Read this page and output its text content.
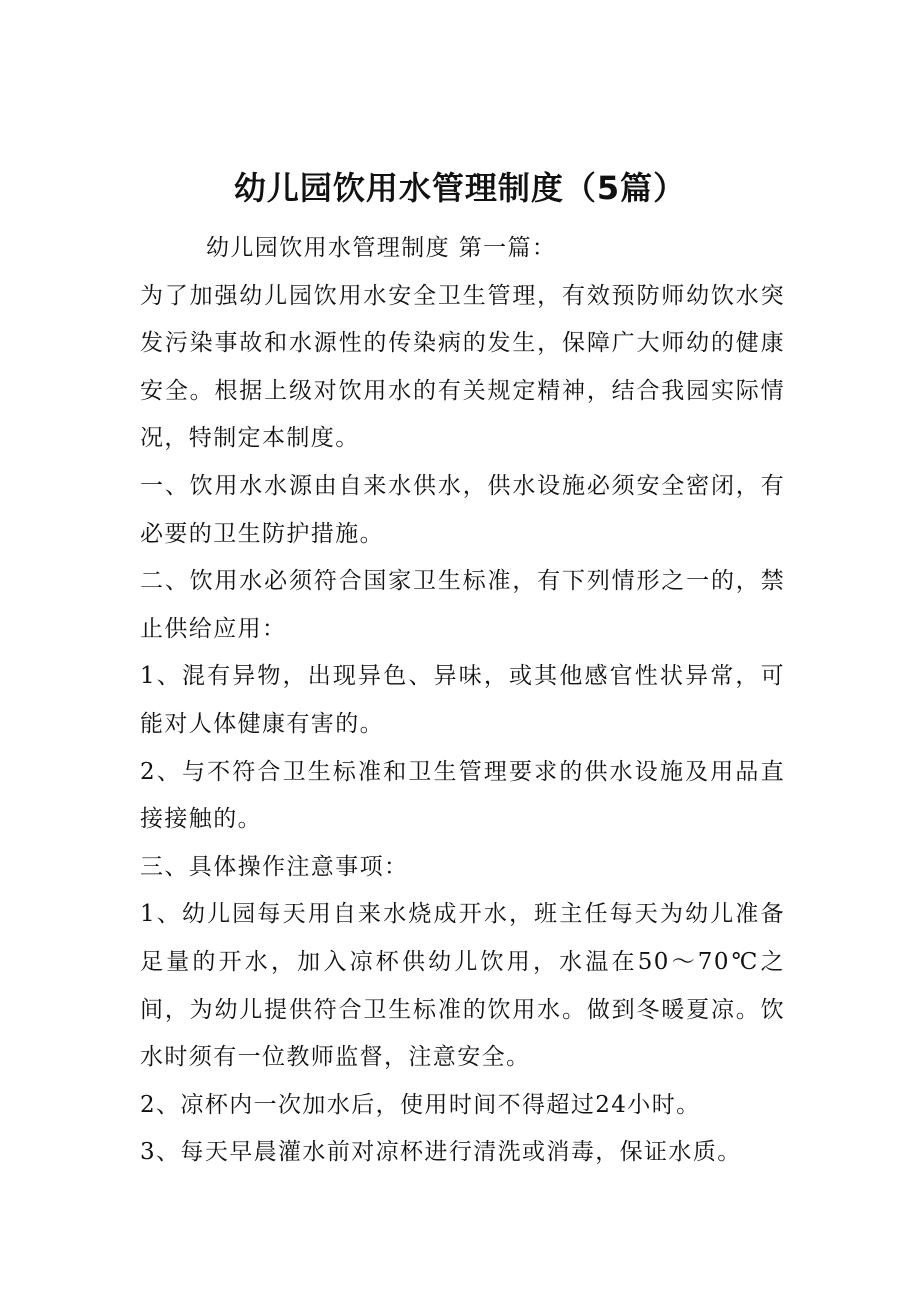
幼儿园饮用水管理制度（5篇）

幼儿园饮用水管理制度 第一篇：

为了加强幼儿园饮用水安全卫生管理，有效预防师幼饮水突发污染事故和水源性的传染病的发生，保障广大师幼的健康安全。根据上级对饮用水的有关规定精神，结合我园实际情况，特制定本制度。

一、饮用水水源由自来水供水，供水设施必须安全密闭，有必要的卫生防护措施。

二、饮用水必须符合国家卫生标准，有下列情形之一的，禁止供给应用：

1、混有异物，出现异色、异味，或其他感官性状异常，可能对人体健康有害的。

2、与不符合卫生标准和卫生管理要求的供水设施及用品直接接触的。

三、具体操作注意事项：

1、幼儿园每天用自来水烧成开水，班主任每天为幼儿准备足量的开水，加入凉杯供幼儿饮用，水温在50～70℃之间，为幼儿提供符合卫生标准的饮用水。做到冬暖夏凉。饮水时须有一位教师监督，注意安全。

2、凉杯内一次加水后，使用时间不得超过24小时。

3、每天早晨灌水前对凉杯进行清洗或消毒，保证水质。
